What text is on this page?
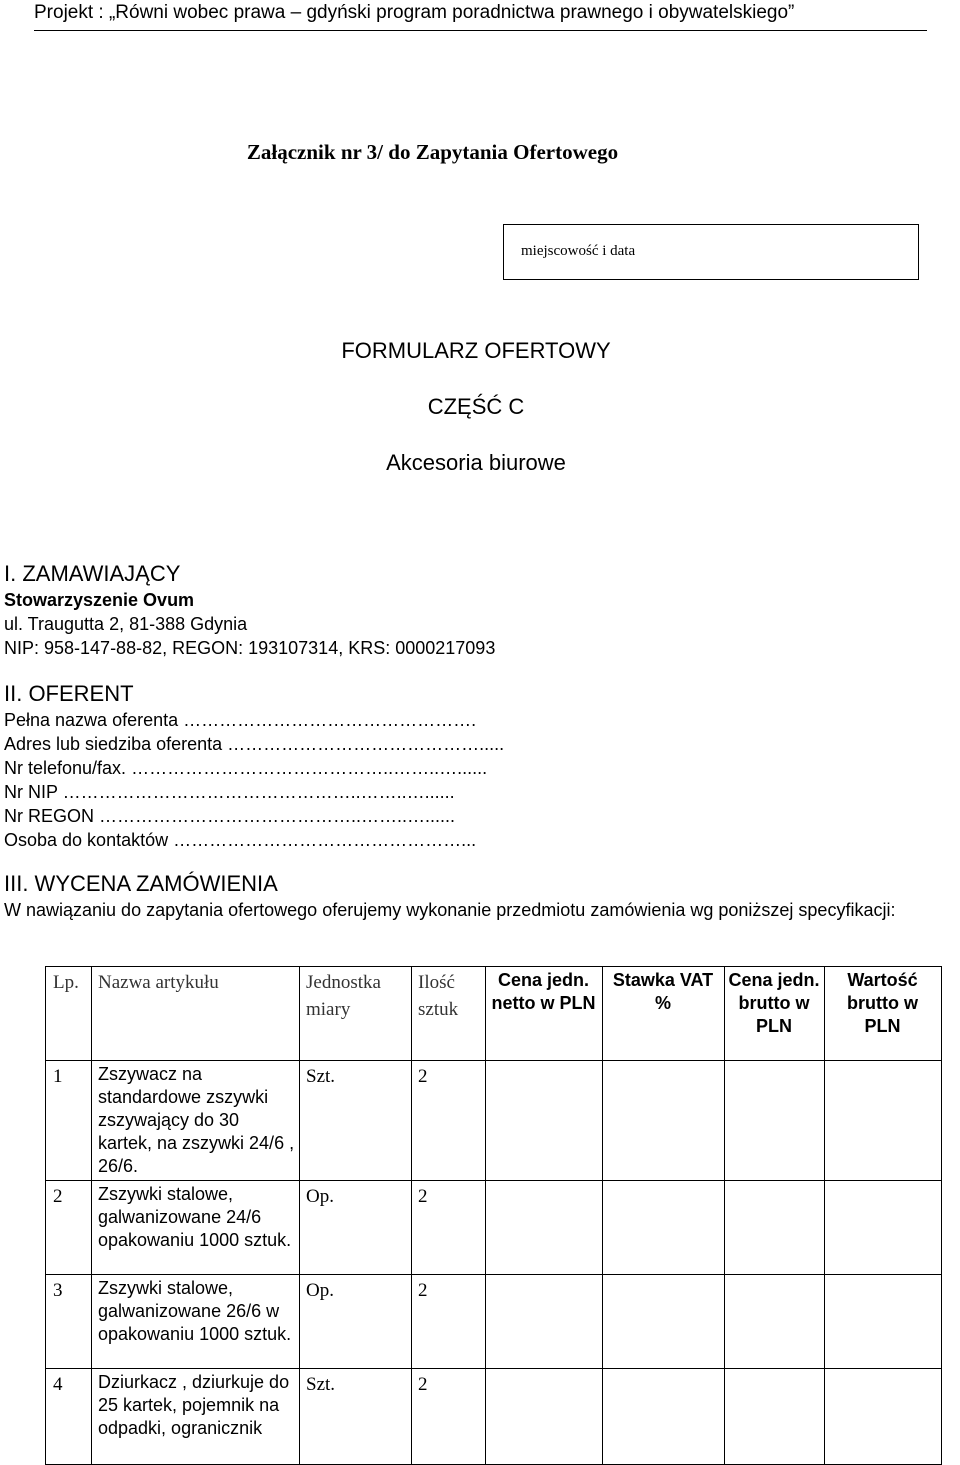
Projekt : „Równi wobec prawa – gdyński program poradnictwa prawnego i obywatelskiego”
Załącznik nr 3/ do Zapytania Ofertowego
miejscowość i data
FORMULARZ OFERTOWY
CZĘŚĆ C
Akcesoria biurowe
I. ZAMAWIAJĄCY
Stowarzyszenie Ovum
ul. Traugutta 2, 81-388 Gdynia
NIP: 958-147-88-82, REGON: 193107314, KRS: 0000217093
II. OFERENT
Pełna nazwa oferenta ………………………………………….
Adres lub siedziba oferenta …………………………………….....
Nr telefonu/fax. ……………………………………..……..…......
Nr NIP …………………………………………..……..…......
Nr REGON ……………………………………..……..…......
Osoba do kontaktów …………………………………………...
III. WYCENA ZAMÓWIENIA
W nawiązaniu do zapytania ofertowego oferujemy wykonanie przedmiotu zamówienia wg poniższej specyfikacji:
Lp.	Nazwa artykułu	Jednostka miary	Ilość sztuk	Cena jedn. netto w PLN	Stawka VAT %	Cena jedn. brutto w PLN	Wartość brutto w PLN
1	Zszywacz na standardowe zszywki zszywający do 30 kartek, na zszywki 24/6 , 26/6.	Szt.	2				
2	Zszywki stalowe, galwanizowane 24/6 opakowaniu 1000 sztuk.	Op.	2				
3	Zszywki stalowe, galwanizowane 26/6 w opakowaniu 1000 sztuk.	Op.	2				
4	Dziurkacz , dziurkuje do 25 kartek, pojemnik na odpadki, ogranicznik	Szt.	2				
